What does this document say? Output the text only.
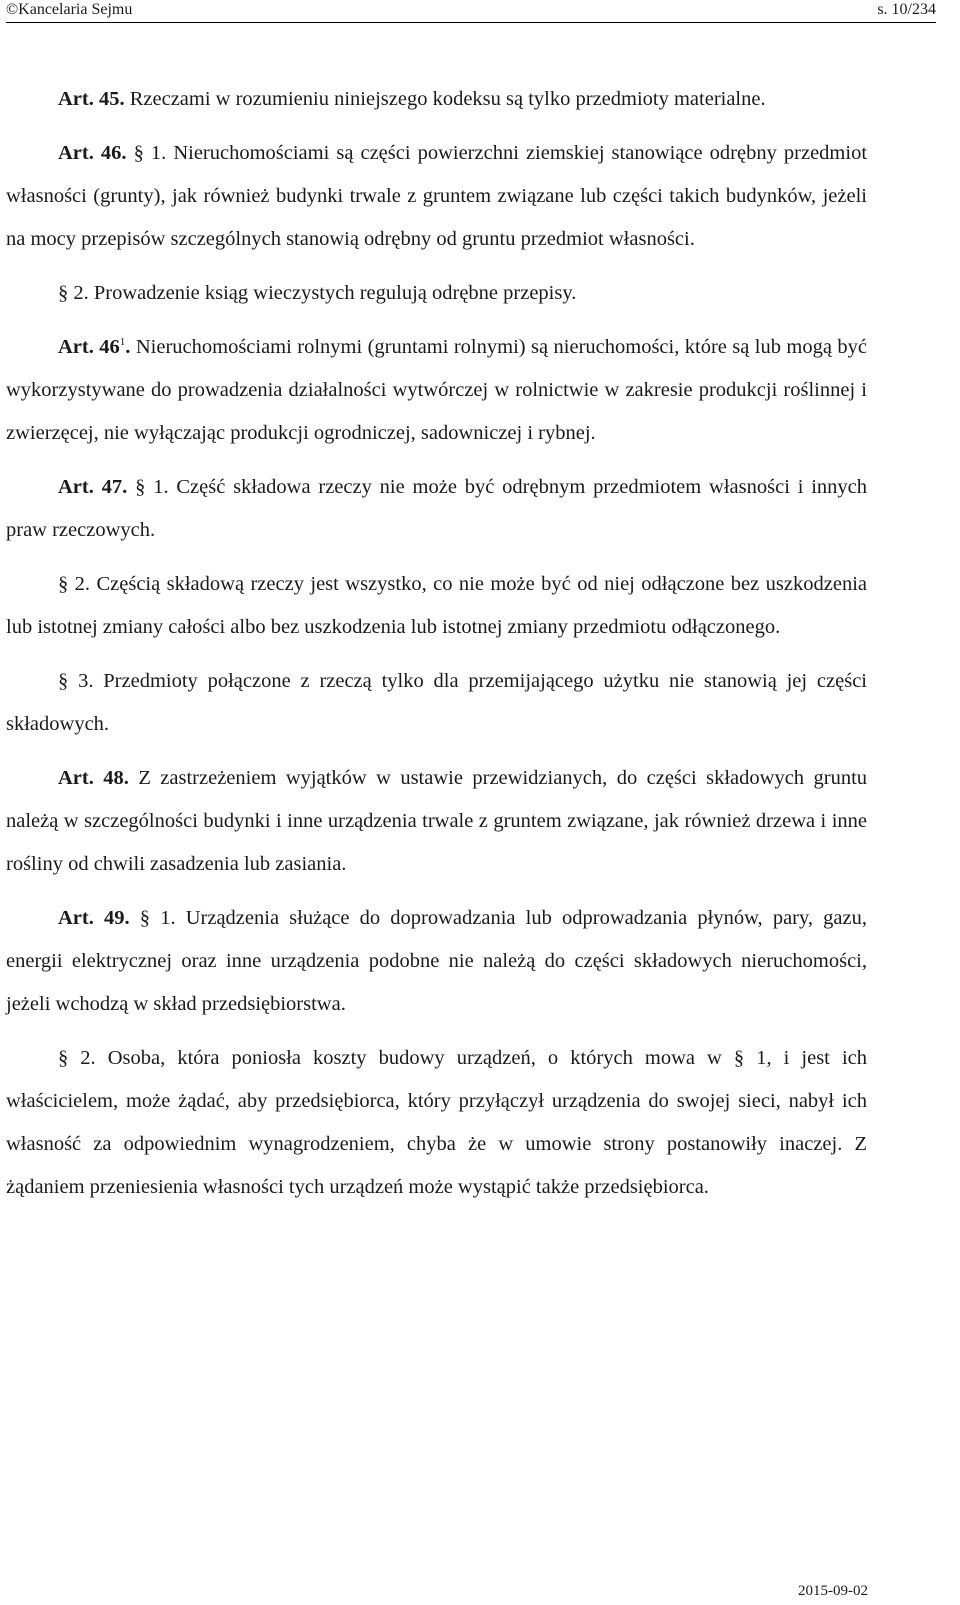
©Kancelaria Sejmu	s. 10/234

Art. 45. Rzeczami w rozumieniu niniejszego kodeksu są tylko przedmioty materialne.

Art. 46. § 1. Nieruchomościami są części powierzchni ziemskiej stanowiące odrębny przedmiot własności (grunty), jak również budynki trwale z gruntem związane lub części takich budynków, jeżeli na mocy przepisów szczególnych stanowią odrębny od gruntu przedmiot własności.

§ 2. Prowadzenie ksiąg wieczystych regulują odrębne przepisy.

Art. $46^1$. Nieruchomościami rolnymi (gruntami rolnymi) są nieruchomości, które są lub mogą być wykorzystywane do prowadzenia działalności wytwórczej w rolnictwie w zakresie produkcji roślinnej i zwierzęcej, nie wyłączając produkcji ogrodniczej, sadowniczej i rybnej.

Art. 47. § 1. Część składowa rzeczy nie może być odrębnym przedmiotem własności i innych praw rzeczowych.

§ 2. Częścią składową rzeczy jest wszystko, co nie może być od niej odłączone bez uszkodzenia lub istotnej zmiany całości albo bez uszkodzenia lub istotnej zmiany przedmiotu odłączonego.

§ 3. Przedmioty połączone z rzeczą tylko dla przemijającego użytku nie stanowią jej części składowych.

Art. 48. Z zastrzeżeniem wyjątków w ustawie przewidzianych, do części składowych gruntu należą w szczególności budynki i inne urządzenia trwale z gruntem związane, jak również drzewa i inne rośliny od chwili zasadzenia lub zasiania.

Art. 49. § 1. Urządzenia służące do doprowadzania lub odprowadzania płynów, pary, gazu, energii elektrycznej oraz inne urządzenia podobne nie należą do części składowych nieruchomości, jeżeli wchodzą w skład przedsiębiorstwa.

§ 2. Osoba, która poniosła koszty budowy urządzeń, o których mowa w § 1, i jest ich właścicielem, może żądać, aby przedsiębiorca, który przyłączył urządzenia do swojej sieci, nabył ich własność za odpowiednim wynagrodzeniem, chyba że w umowie strony postanowiły inaczej. Z żądaniem przeniesienia własności tych urządzeń może wystąpić także przedsiębiorca.

2015-09-02
